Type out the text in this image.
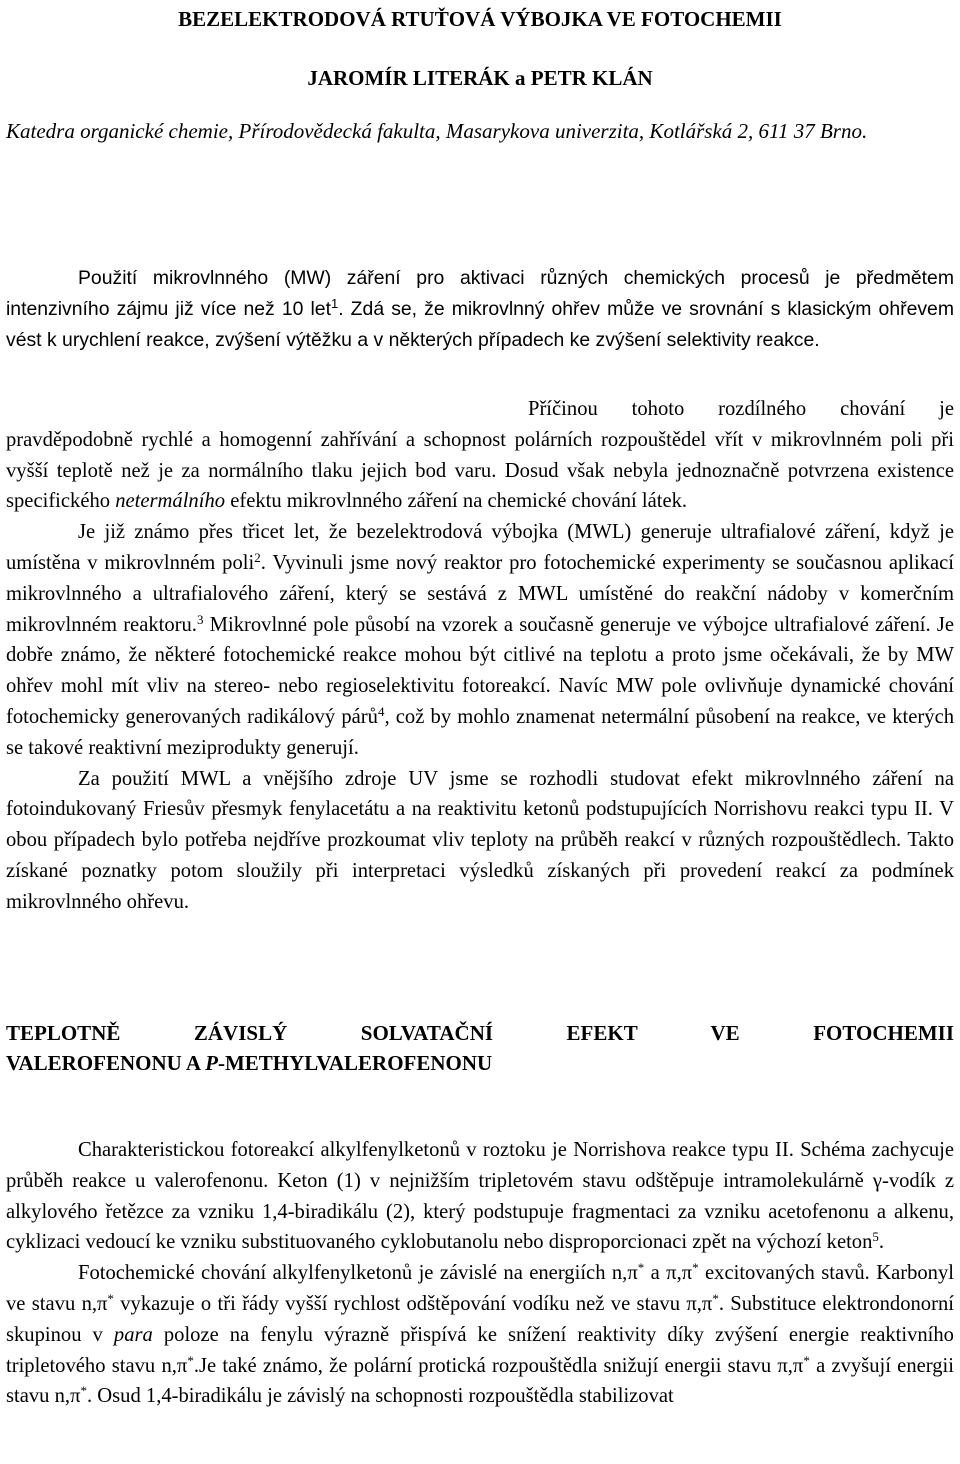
BEZELEKTRODOVÁ RTUŤOVÁ VÝBOJKA VE FOTOCHEMII
JAROMÍR LITERÁK a PETR KLÁN
Katedra organické chemie, Přírodovědecká fakulta, Masarykova univerzita, Kotlářská 2, 611 37 Brno.

Použití mikrovlnného (MW) záření pro aktivaci různých chemických procesů je předmětem intenzivního zájmu již více než 10 let$^1$. Zdá se, že mikrovlnný ohřev může ve srovnání s klasickým ohřevem vést k urychlení reakce, zvýšení výtěžku a v některých případech ke zvýšení selektivity reakce.

Příčinou tohoto rozdílného chování je pravděpodobně rychlé a homogenní zahřívání a schopnost polárních rozpouštědel vřít v mikrovlnném poli při vyšší teplotě než je za normálního tlaku jejich bod varu. Dosud však nebyla jednoznačně potvrzena existence specifického netermálního efektu mikrovlnného záření na chemické chování látek.

Je již známo přes třicet let, že bezelektrodová výbojka (MWL) generuje ultrafialové záření, když je umístěna v mikrovlnném poli$^2$. Vyvinuli jsme nový reaktor pro fotochemické experimenty se současnou aplikací mikrovlnného a ultrafialového záření, který se sestává z MWL umístěné do reakční nádoby v komerčním mikrovlnném reaktoru.$^3$ Mikrovlnné pole působí na vzorek a současně generuje ve výbojce ultrafialové záření. Je dobře známo, že některé fotochemické reakce mohou být citlivé na teplotu a proto jsme očekávali, že by MW ohřev mohl mít vliv na stereo- nebo regioselektivitu fotoreakcí. Navíc MW pole ovlivňuje dynamické chování fotochemicky generovaných radikálový párů$^4$, což by mohlo znamenat netermální působení na reakce, ve kterých se takové reaktivní meziprodukty generují.

Za použití MWL a vnějšího zdroje UV jsme se rozhodli studovat efekt mikrovlnného záření na fotoindukovaný Friesův přesmyk fenylacetátu a na reaktivitu ketonů podstupujících Norrishovu reakci typu II. V obou případech bylo potřeba nejdříve prozkoumat vliv teploty na průběh reakcí v různých rozpouštědlech. Takto získané poznatky potom sloužily při interpretaci výsledků získaných při provedení reakcí za podmínek mikrovlnného ohřevu.

TEPLOTNĚ ZÁVISLÝ SOLVATAČNÍ EFEKT VE FOTOCHEMII
VALEROFENONU A P-METHYLVALEROFENONU

Charakteristickou fotoreakcí alkylfenylketonů v roztoku je Norrishova reakce typu II. Schéma zachycuje průběh reakce u valerofenonu. Keton (1) v nejnižším tripletovém stavu odštěpuje intramolekulárně γ-vodík z alkylového řetězce za vzniku 1,4-biradikálu (2), který podstupuje fragmentaci za vzniku acetofenonu a alkenu, cyklizaci vedoucí ke vzniku substituovaného cyklobutanolu nebo disproporcionaci zpět na výchozí keton$^5$.

Fotochemické chování alkylfenylketonů je závislé na energiích n,π* a π,π* excitovaných stavů. Karbonyl ve stavu n,π* vykazuje o tři řády vyšší rychlost odštěpování vodíku než ve stavu π,π*. Substituce elektrondonorní skupinou v para poloze na fenylu výrazně přispívá ke snížení reaktivity díky zvýšení energie reaktivního tripletového stavu n,π*.Je také známo, že polární protická rozpouštědla snižují energii stavu π,π* a zvyšují energii stavu n,π*. Osud 1,4-biradikálu je závislý na schopnosti rozpouštědla stabilizovat
